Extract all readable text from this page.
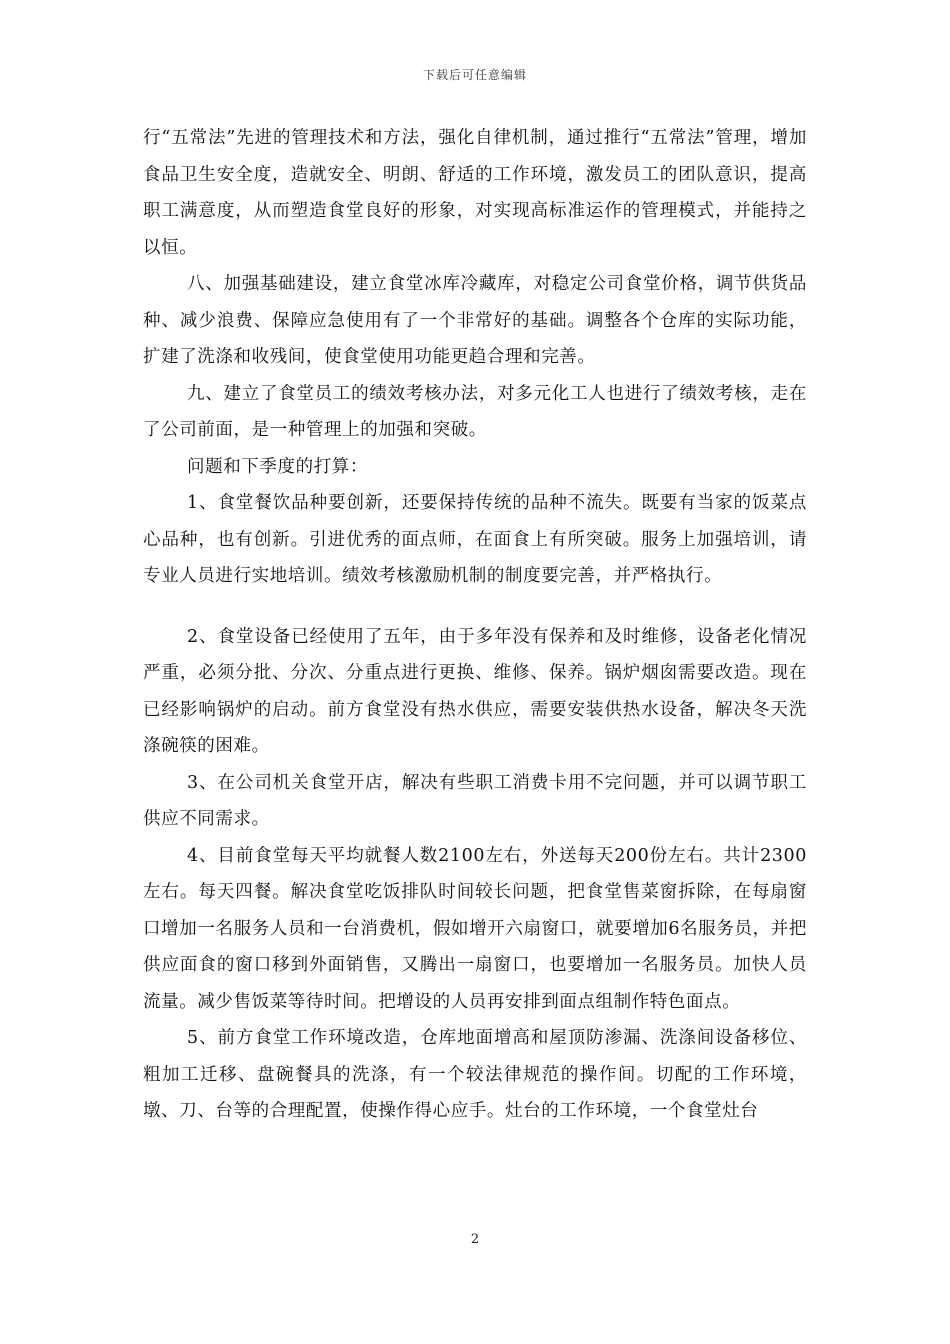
下载后可任意编辑

行“五常法”先进的管理技术和方法，强化自律机制，通过推行“五常法”管理，增加食品卫生安全度，造就安全、明朗、舒适的工作环境，激发员工的团队意识，提高职工满意度，从而塑造食堂良好的形象，对实现高标准运作的管理模式，并能持之以恒。

八、加强基础建设，建立食堂冰库冷藏库，对稳定公司食堂价格，调节供货品种、减少浪费、保障应急使用有了一个非常好的基础。调整各个仓库的实际功能，扩建了洗涤和收残间，使食堂使用功能更趋合理和完善。

九、建立了食堂员工的绩效考核办法，对多元化工人也进行了绩效考核，走在了公司前面，是一种管理上的加强和突破。

问题和下季度的打算：

1、食堂餐饮品种要创新，还要保持传统的品种不流失。既要有当家的饭菜点心品种，也有创新。引进优秀的面点师，在面食上有所突破。服务上加强培训，请专业人员进行实地培训。绩效考核激励机制的制度要完善，并严格执行。

2、食堂设备已经使用了五年，由于多年没有保养和及时维修，设备老化情况严重，必须分批、分次、分重点进行更换、维修、保养。锅炉烟囱需要改造。现在已经影响锅炉的启动。前方食堂没有热水供应，需要安装供热水设备，解决冬天洗涤碗筷的困难。

3、在公司机关食堂开店，解决有些职工消费卡用不完问题，并可以调节职工供应不同需求。

4、目前食堂每天平均就餐人数2100左右，外送每天200份左右。共计2300左右。每天四餐。解决食堂吃饭排队时间较长问题，把食堂售菜窗拆除，在每扇窗口增加一名服务人员和一台消费机，假如增开六扇窗口，就要增加6名服务员，并把供应面食的窗口移到外面销售，又腾出一扇窗口，也要增加一名服务员。加快人员流量。减少售饭菜等待时间。把增设的人员再安排到面点组制作特色面点。

5、前方食堂工作环境改造，仓库地面增高和屋顶防渗漏、洗涤间设备移位、粗加工迁移、盘碗餐具的洗涤，有一个较法律规范的操作间。切配的工作环境，墩、刀、台等的合理配置，使操作得心应手。灶台的工作环境，一个食堂灶台

2
